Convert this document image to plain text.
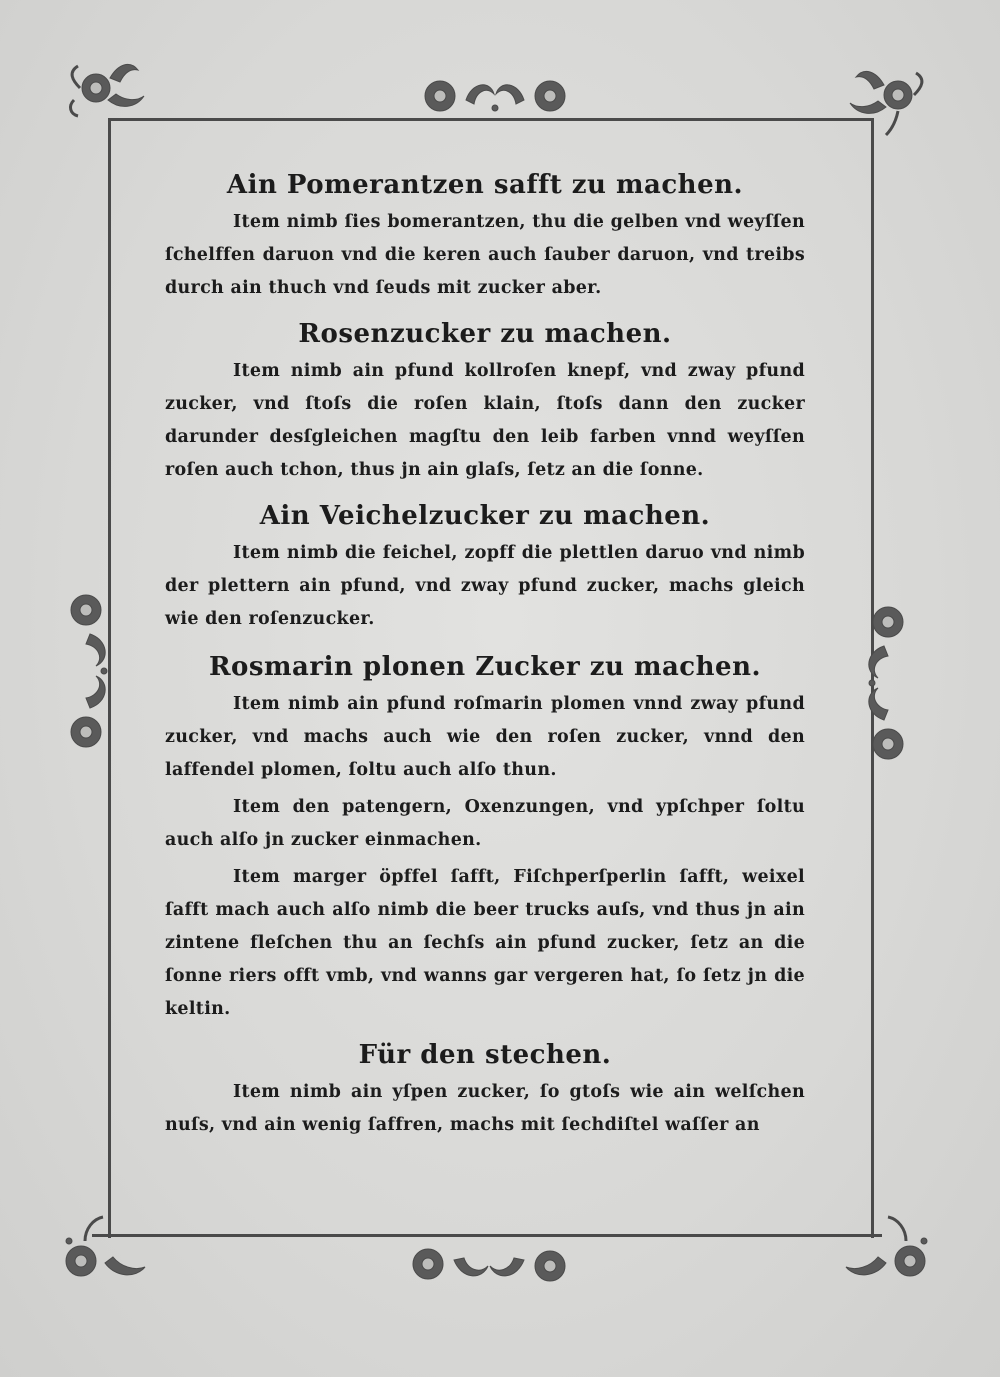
Ain Pomerantzen safft zu machen.

Item nimb ſies bomerantzen, thu die gelben vnd weyſſen ſchelffen daruon vnd die keren auch ſauber daruon, vnd treibs durch ain thuch vnd ſeuds mit zucker aber.

Rosenzucker zu machen.

Item nimb ain pfund kollroſen knepf, vnd zway pfund zucker, vnd ſtoſs die roſen klain, ſtoſs dann den zucker darunder desſgleichen magſtu den leib farben vnnd weyſſen roſen auch tchon, thus jn ain glaſs, ſetz an die ſonne.

Ain Veichelzucker zu machen.

Item nimb die feichel, zopff die plettlen daruo vnd nimb der plettern ain pfund, vnd zway pfund zucker, machs gleich wie den roſenzucker.

Rosmarin plonen Zucker zu machen.

Item nimb ain pfund roſmarin plomen vnnd zway pfund zucker, vnd machs auch wie den roſen zucker, vnnd den laffendel plomen, ſoltu auch alſo thun.

Item den patengern, Oxenzungen, vnd ypſchper ſoltu auch alſo jn zucker einmachen.

Item marger öpffel ſafft, Fiſchperſperlin ſafft, weixel ſafft mach auch alſo nimb die beer trucks auſs, vnd thus jn ain zintene fleſchen thu an ſechſs ain pfund zucker, ſetz an die ſonne riers offt vmb, vnd wanns gar vergeren hat, ſo ſetz jn die keltin.

Für den stechen.

Item nimb ain yſpen zucker, ſo gtoſs wie ain welſchen nuſs, vnd ain wenig ſaffren, machs mit ſechdiſtel waſſer an
